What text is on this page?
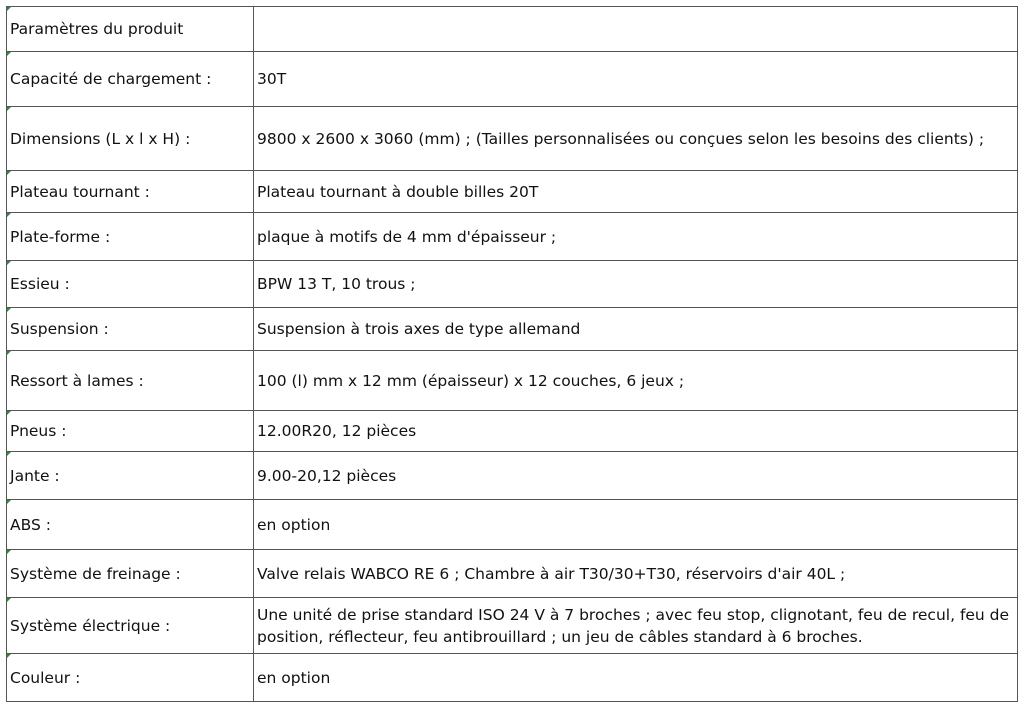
Paramètres du produit	
Capacité de chargement :	30T
Dimensions (L x l x H) :	9800 x 2600 x 3060 (mm) ; (Tailles personnalisées ou conçues selon les besoins des clients) ;
Plateau tournant :	Plateau tournant à double billes 20T
Plate-forme :	plaque à motifs de 4 mm d'épaisseur ;
Essieu :	BPW 13 T, 10 trous ;
Suspension :	Suspension à trois axes de type allemand
Ressort à lames :	100 (l) mm x 12 mm (épaisseur) x 12 couches, 6 jeux ;
Pneus :	12.00R20, 12 pièces
Jante :	9.00-20,12 pièces
ABS :	en option
Système de freinage :	Valve relais WABCO RE 6 ; Chambre à air T30/30+T30, réservoirs d'air 40L ;
Système électrique :	Une unité de prise standard ISO 24 V à 7 broches ; avec feu stop, clignotant, feu de recul, feu de position, réflecteur, feu antibrouillard ; un jeu de câbles standard à 6 broches.
Couleur :	en option
